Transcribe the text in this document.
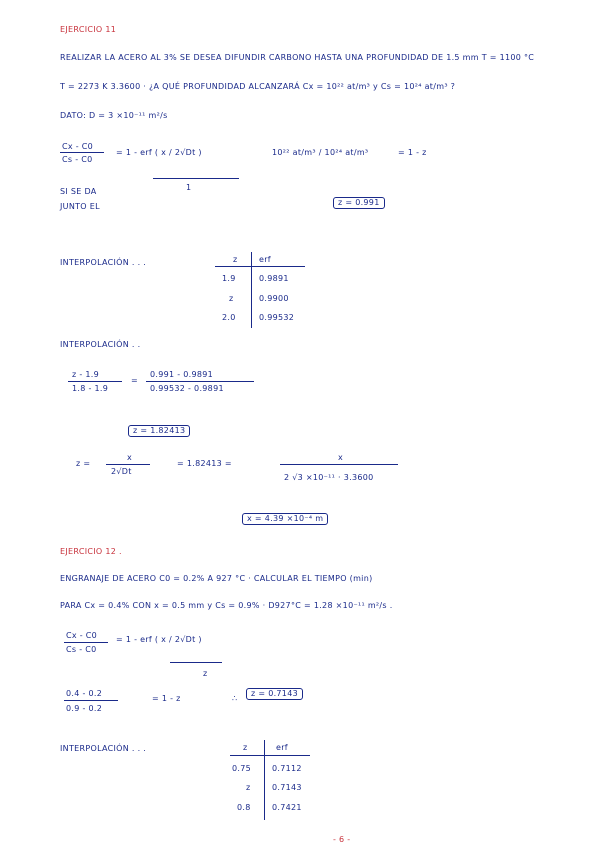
EJERCICIO 11
REALIZAR LA ACERO AL 3% SE DESEA DIFUNDIR CARBONO HASTA UNA PROFUNDIDAD DE 1.5 mm T = 1100 °C
T = 2273 K 3.3600 · ¿A QUÉ PROFUNDIDAD ALCANZARÁ Cx = 10²² at/m³ y Cs = 10²⁴ at/m³ ?
DATO: D = 3 ×10⁻¹¹ m²/s
Cx - C0
Cs - C0
= 1 - erf ( x / 2√Dt )	10²² at/m³ / 10²⁴ at/m³	= 1 - z
1
SI SE DA
JUNTO EL	z = 0.991
INTERPOLACIÓN . . .	z	erf
1.9	0.9891
z	0.9900
2.0	0.99532
INTERPOLACIÓN . .
z - 1.9
1.8 - 1.9
=
0.991 - 0.9891
0.99532 - 0.9891
z = 1.82413
z =
x
2√Dt
= 1.82413 =
x
2 √3 ×10⁻¹¹ · 3.3600
x = 4.39 ×10⁻⁴ m
EJERCICIO 12 .
ENGRANAJE DE ACERO C0 = 0.2% A 927 °C · CALCULAR EL TIEMPO (min)
PARA Cx = 0.4% CON x = 0.5 mm y Cs = 0.9% · D927°C = 1.28 ×10⁻¹¹ m²/s .
Cx - C0
Cs - C0
= 1 - erf ( x / 2√Dt )
z
0.4 - 0.2
0.9 - 0.2
= 1 - z	∴
z = 0.7143
INTERPOLACIÓN . . .	z	erf
0.75	0.7112
z	0.7143
0.8	0.7421
- 6 -
